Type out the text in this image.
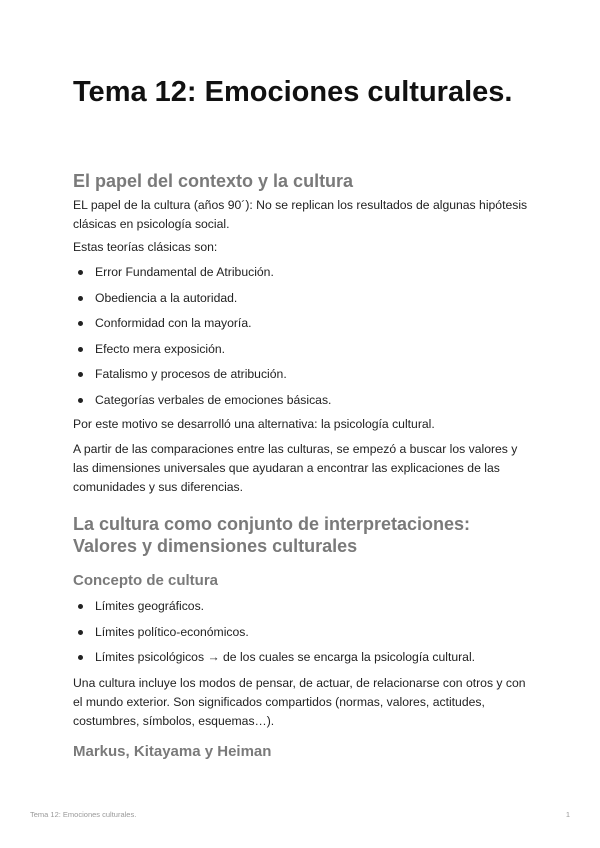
Tema 12: Emociones culturales.
El papel del contexto y la cultura

EL papel de la cultura (años 90´): No se replican los resultados de algunas hipótesis clásicas en psicología social.

Estas teorías clásicas son:

Error Fundamental de Atribución.
Obediencia a la autoridad.
Conformidad con la mayoría.
Efecto mera exposición.
Fatalismo y procesos de atribución.
Categorías verbales de emociones básicas.

Por este motivo se desarrolló una alternativa: la psicología cultural.

A partir de las comparaciones entre las culturas, se empezó a buscar los valores y las dimensiones universales que ayudaran a encontrar las explicaciones de las comunidades y sus diferencias.

La cultura como conjunto de interpretaciones: Valores y dimensiones culturales
Concepto de cultura
Límites geográficos.
Límites político-económicos.
Límites psicológicos → de los cuales se encarga la psicología cultural.

Una cultura incluye los modos de pensar, de actuar, de relacionarse con otros y con el mundo exterior. Son significados compartidos (normas, valores, actitudes, costumbres, símbolos, esquemas…).

Markus, Kitayama y Heiman
Tema 12: Emociones culturales.	1
